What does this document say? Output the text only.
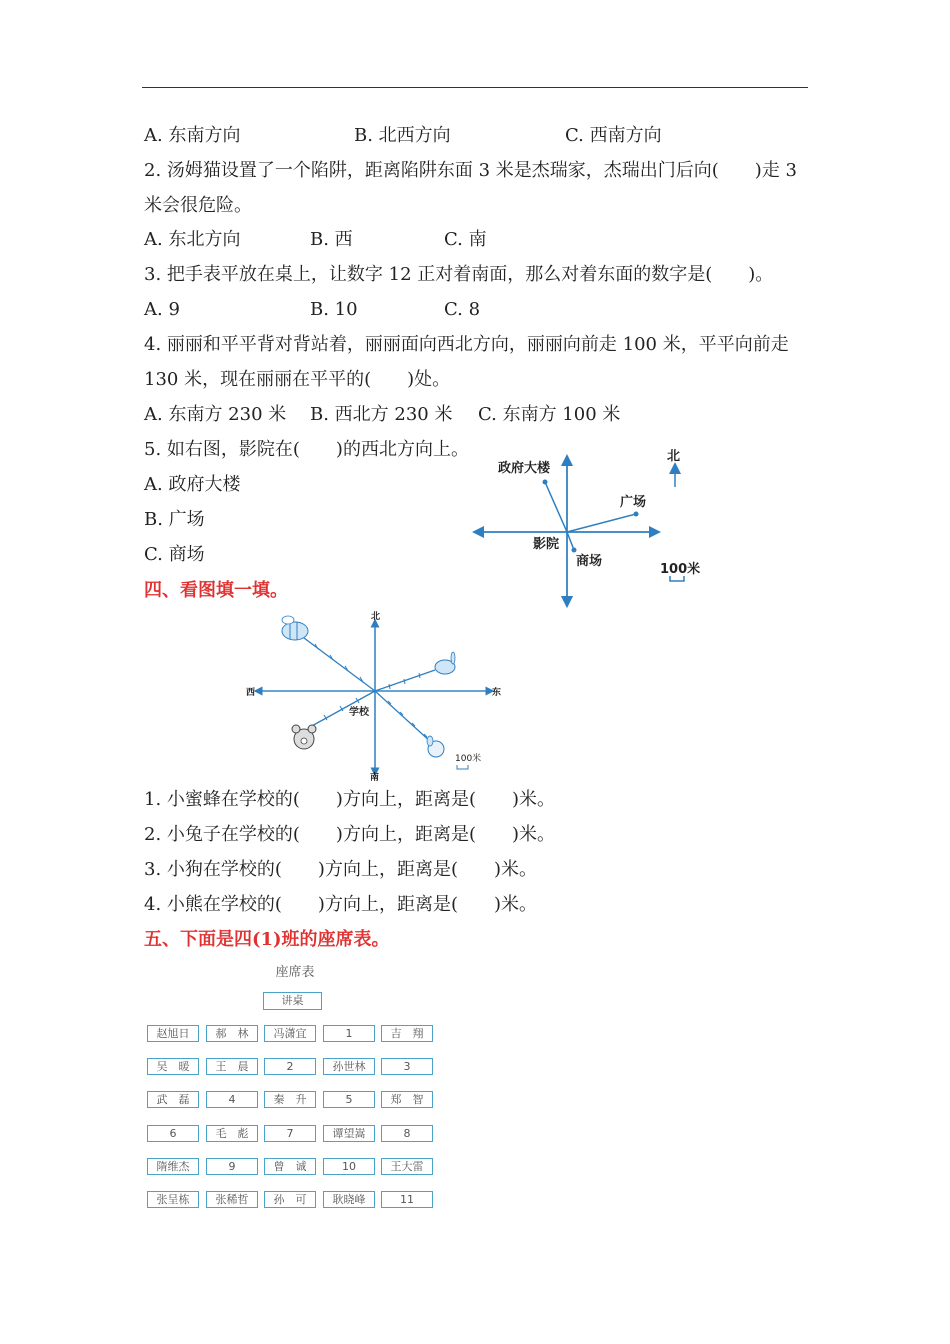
A. 东南方向	B. 北西方向	C. 西南方向
2. 汤姆猫设置了一个陷阱，距离陷阱东面 3 米是杰瑞家，杰瑞出门后向(　　)走 3
米会很危险。
A. 东北方向	B. 西	C. 南
3. 把手表平放在桌上，让数字 12 正对着南面，那么对着东面的数字是(　　)。
A. 9	B. 10	C. 8
4. 丽丽和平平背对背站着，丽丽面向西北方向，丽丽向前走 100 米，平平向前走
130 米，现在丽丽在平平的(　　)处。
A. 东南方 230 米 B. 西北方 230 米 C. 东南方 100 米
5. 如右图，影院在(　　)的西北方向上。
A. 政府大楼
B. 广场
C. 商场
政府大楼
广场
影院
商场
北
100米
四、看图填一填。
北
南
东
西
学校
100米
1. 小蜜蜂在学校的(　　)方向上，距离是(　　)米。
2. 小兔子在学校的(　　)方向上，距离是(　　)米。
3. 小狗在学校的(　　)方向上，距离是(　　)米。
4. 小熊在学校的(　　)方向上，距离是(　　)米。
五、下面是四(1)班的座席表。
座席表
讲桌
赵旭日	郝　林	冯潇宜	1	吉　翔
吴　暖	王　晨	2	孙世林	3
武　磊	4	秦　升	5	郑　智
6	毛　彪	7	谭望嵩	8
隋维杰	9	曾　诚	10	王大雷
张呈栋	张稀哲	孙　可	耿晓峰	11
